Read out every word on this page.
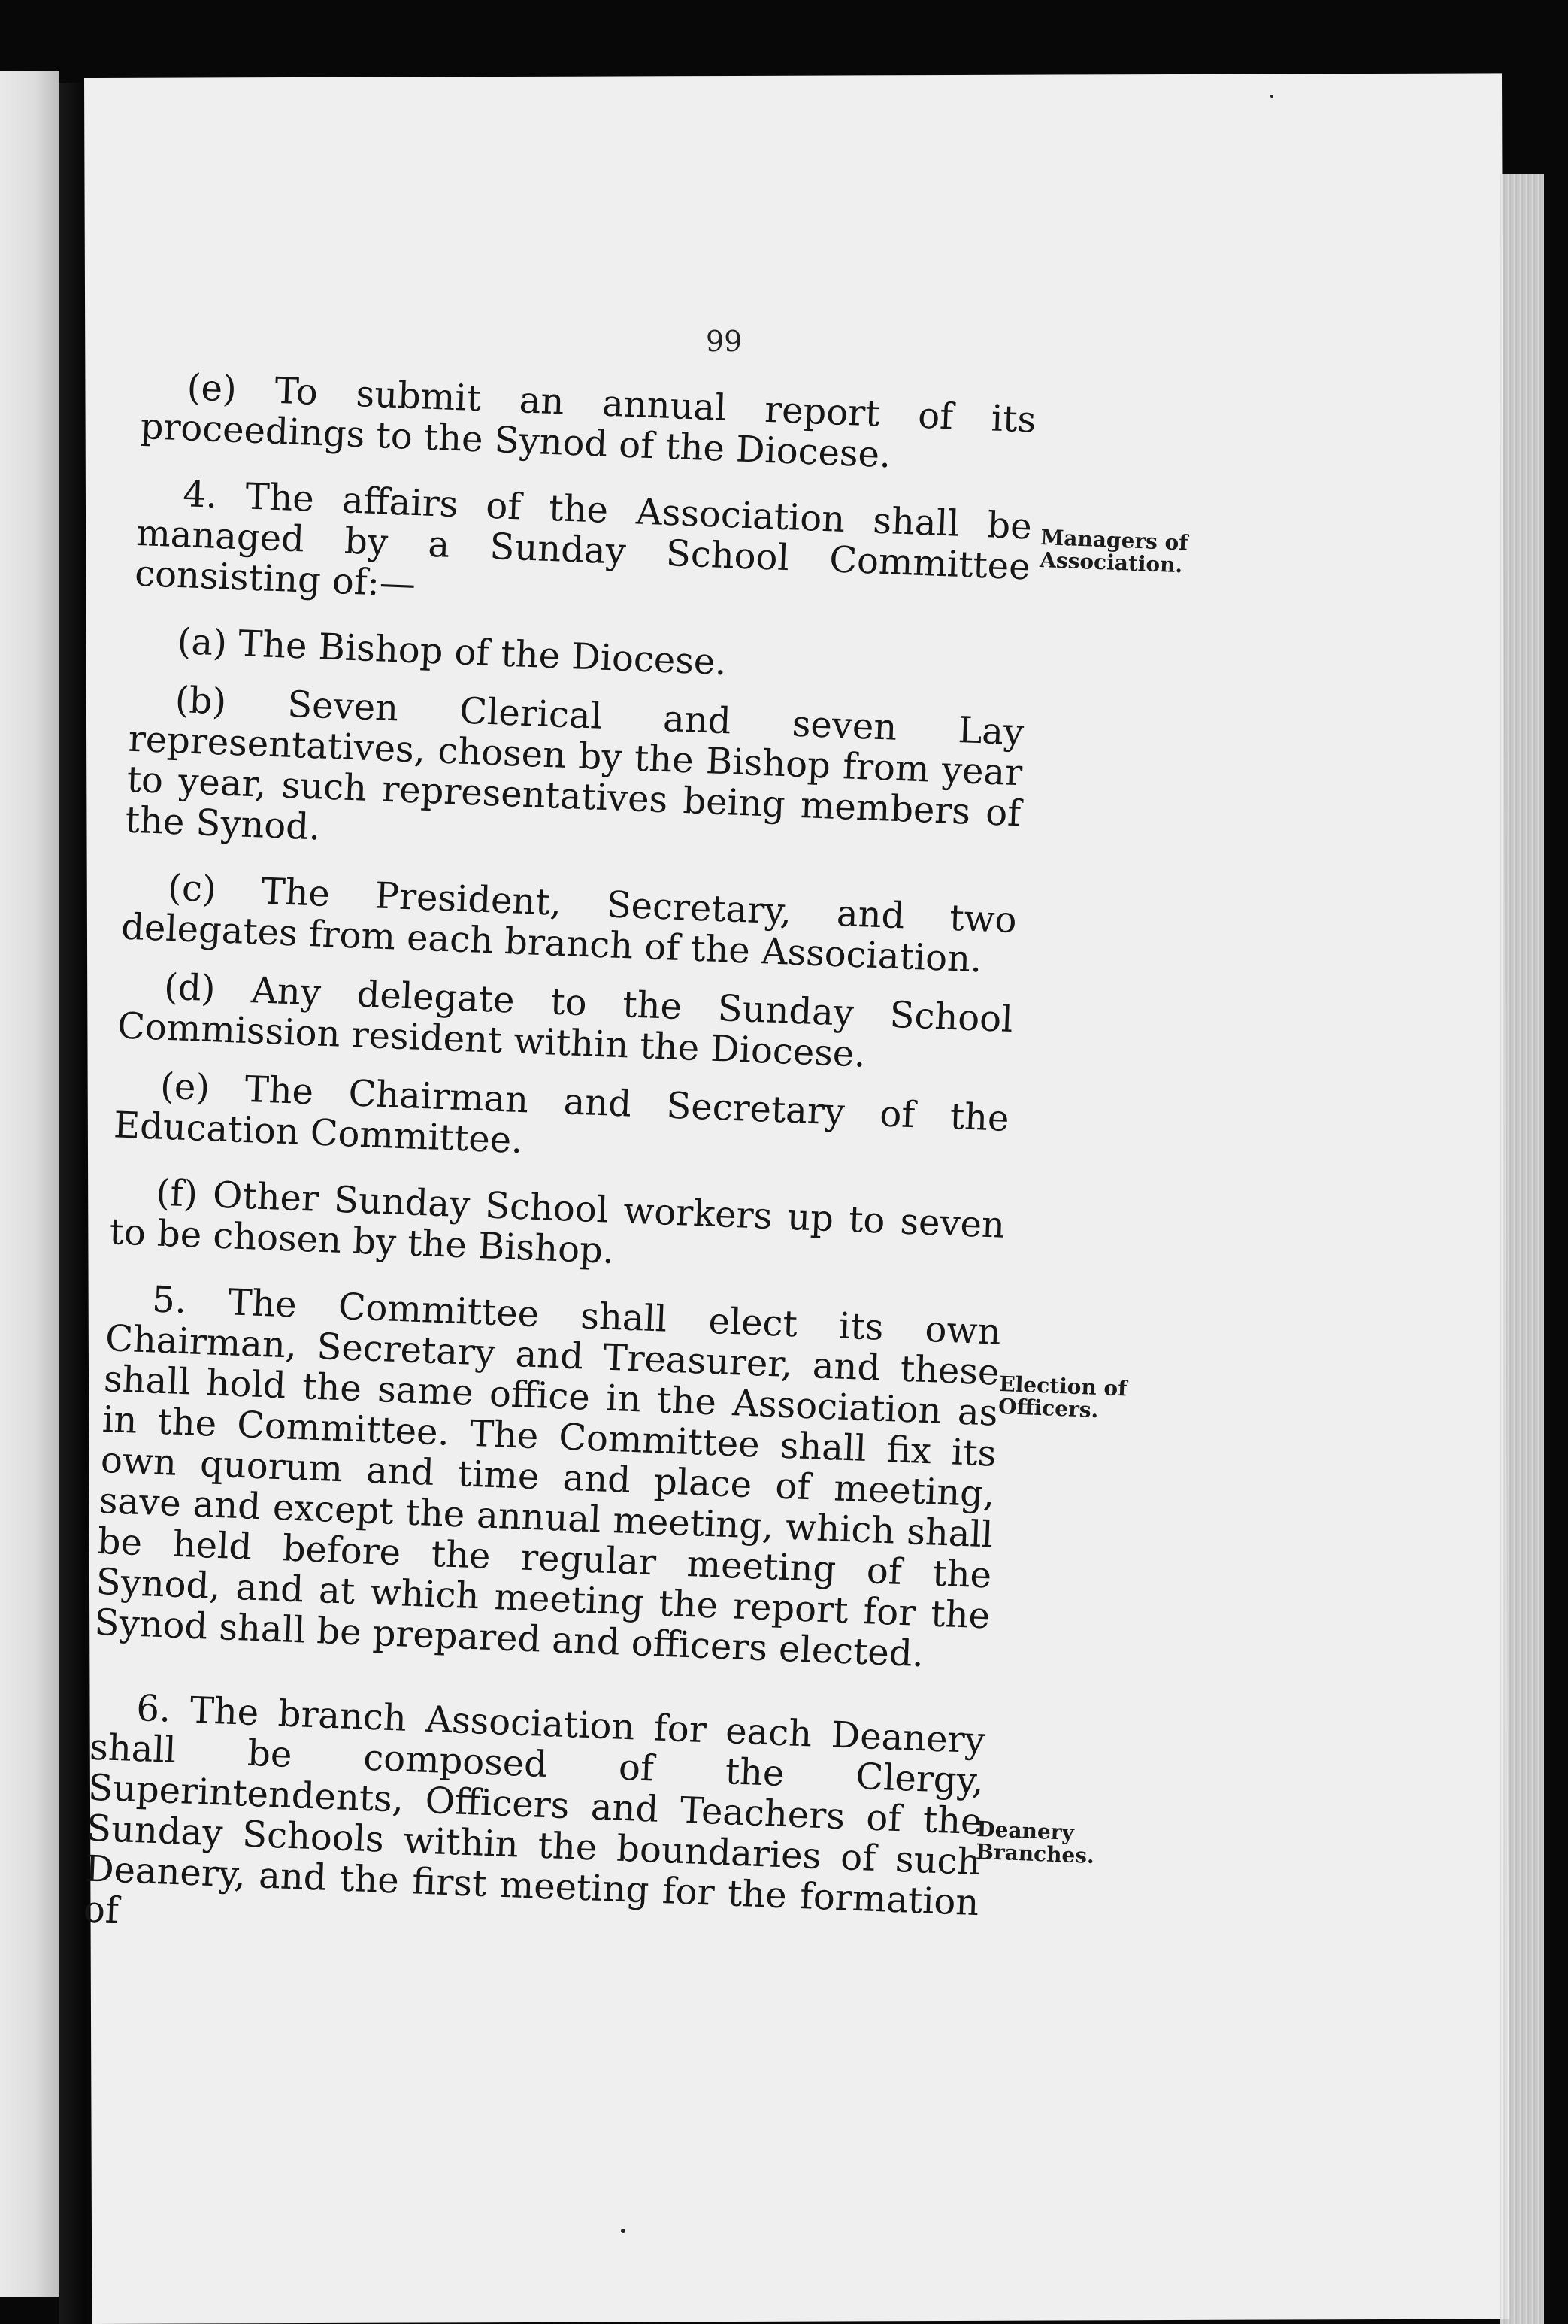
99

(e) To submit an annual report of its proceedings to the Synod of the Diocese.

4. The affairs of the Association shall be managed by a Sunday School Committee consisting of:—

(a) The Bishop of the Diocese.

(b) Seven Clerical and seven Lay representatives, chosen by the Bishop from year to year, such representatives being members of the Synod.

(c) The President, Secretary, and two delegates from each branch of the Association.

(d) Any delegate to the Sunday School Commission resident within the Diocese.

(e) The Chairman and Secretary of the Education Committee.

(f) Other Sunday School workers up to seven to be chosen by the Bishop.

5. The Committee shall elect its own Chairman, Secretary and Treasurer, and these shall hold the same office in the Association as in the Committee. The Committee shall fix its own quorum and time and place of meeting, save and except the annual meeting, which shall be held before the regular meeting of the Synod, and at which meeting the report for the Synod shall be prepared and officers elected.

6. The branch Association for each Deanery shall be composed of the Clergy, Superintendents, Officers and Teachers of the Sunday Schools within the boundaries of such Deanery, and the first meeting for the formation of

Managers of Association.
Election of Officers.
Deanery Branches.
